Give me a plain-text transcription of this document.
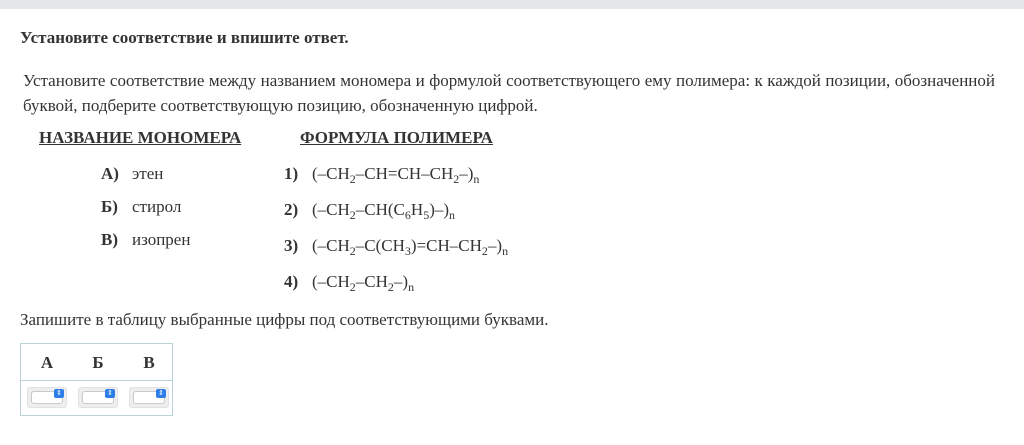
Установите соответствие и впишите ответ.
Установите соответствие между названием мономера и формулой соответствующего ему полимера: к каждой позиции, обозначенной буквой, подберите соответствующую позицию, обозначенную цифрой.
НАЗВАНИЕ МОНОМЕРА	ФОРМУЛА ПОЛИМЕРА
А) этен
Б) стирол
В) изопрен
1) $(-CH_2-CH=CH-CH_2-)_n$
2) $(-CH_2-CH(C_6H_5)-)_n$
3) $(-CH_2-C(CH_3)=CH-CH_2-)_n$
4) $(-CH_2-CH_2-)_n$
Запишите в таблицу выбранные цифры под соответствующими буквами.
А	Б	В
⇕	⇕	⇕
